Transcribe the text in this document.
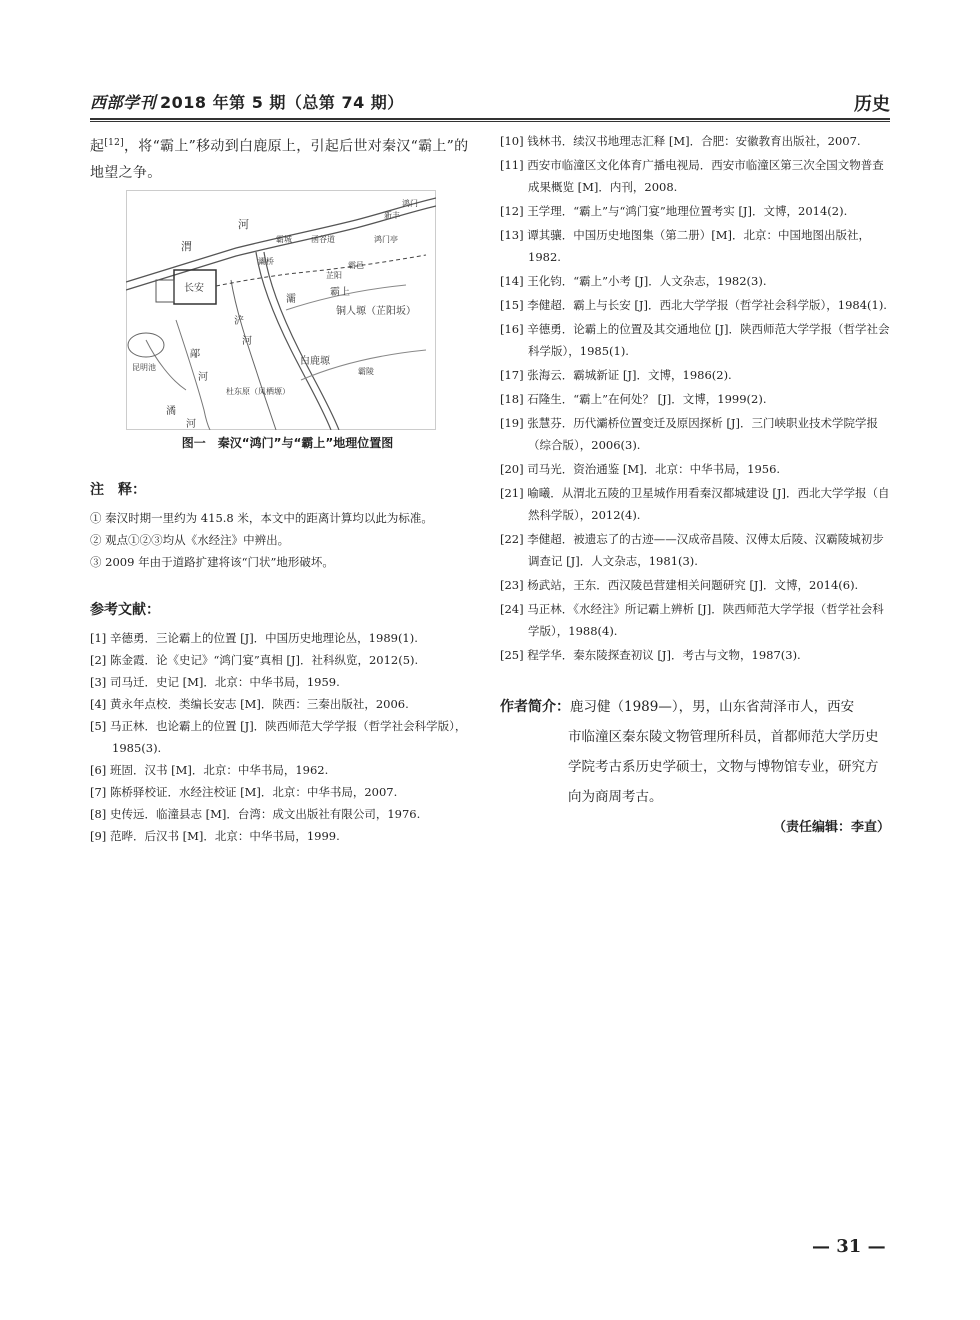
西部学刊 2018 年第 5 期（总第 74 期）	历史

起[12]，将“霸上”移动到白鹿原上，引起后世对秦汉“霸上”的地望之争。

渭
河
函谷道
长安	霸上
灞桥
铜人塬（芷阳坂）
白鹿塬
灞
浐
河
昆明池
鄗
河
潏
河
新丰
鸿门
鸿门亭
芷阳
霸城
霸邑
霸陵
杜东原（凤栖塬）
图一　秦汉“鸿门”与“霸上”地理位置图
注　释：
① 秦汉时期一里约为 415.8 米，本文中的距离计算均以此为标准。
② 观点①②③均从《水经注》中辨出。
③ 2009 年由于道路扩建将该“门状”地形破坏。
参考文献：
[1] 辛德勇．三论霸上的位置 [J]．中国历史地理论丛，1989(1).
[2] 陈金霞．论《史记》“鸿门宴”真相 [J]．社科纵览，2012(5).
[3] 司马迁．史记 [M]．北京：中华书局，1959.
[4] 黄永年点校．类编长安志 [M]．陕西：三秦出版社，2006.
[5] 马正林．也论霸上的位置 [J]．陕西师范大学学报（哲学社会科学版），1985(3).
[6] 班固．汉书 [M]．北京：中华书局，1962.
[7] 陈桥驿校证．水经注校证 [M]．北京：中华书局，2007.
[8] 史传远．临潼县志 [M]．台湾：成文出版社有限公司，1976.
[9] 范晔．后汉书 [M]．北京：中华书局，1999.
[10] 钱林书．续汉书地理志汇释 [M]．合肥：安徽教育出版社，2007.
[11] 西安市临潼区文化体育广播电视局．西安市临潼区第三次全国文物普查成果概览 [M]．内刊，2008.
[12] 王学理．“霸上”与“鸿门宴”地理位置考实 [J]．文博，2014(2).
[13] 谭其骧．中国历史地图集（第二册）[M]．北京：中国地图出版社，1982.
[14] 王化钧．“霸上”小考 [J]．人文杂志，1982(3).
[15] 李健超．霸上与长安 [J]．西北大学学报（哲学社会科学版），1984(1).
[16] 辛德勇．论霸上的位置及其交通地位 [J]．陕西师范大学学报（哲学社会科学版），1985(1).
[17] 张海云．霸城新证 [J]．文博，1986(2).
[18] 石隆生．“霸上”在何处？ [J]．文博，1999(2).
[19] 张慧芬．历代灞桥位置变迁及原因探析 [J]．三门峡职业技术学院学报（综合版），2006(3).
[20] 司马光．资治通鉴 [M]．北京：中华书局，1956.
[21] 喻曦．从渭北五陵的卫星城作用看秦汉都城建设 [J]．西北大学学报（自然科学版），2012(4).
[22] 李健超．被遗忘了的古迹——汉成帝昌陵、汉傅太后陵、汉霸陵城初步调查记 [J]．人文杂志，1981(3).
[23] 杨武站，王东．西汉陵邑营建相关问题研究 [J]．文博，2014(6).
[24] 马正林．《水经注》所记霸上辨析 [J]．陕西师范大学学报（哲学社会科学版），1988(4).
[25] 程学华．秦东陵探查初议 [J]．考古与文物，1987(3).
作者简介： 鹿习健（1989—），男，山东省菏泽市人，西安
市临潼区秦东陵文物管理所科员，首都师范大学历史学院考古系历史学硕士，文物与博物馆专业，研究方向为商周考古。
（责任编辑：李直）
— 31 —
